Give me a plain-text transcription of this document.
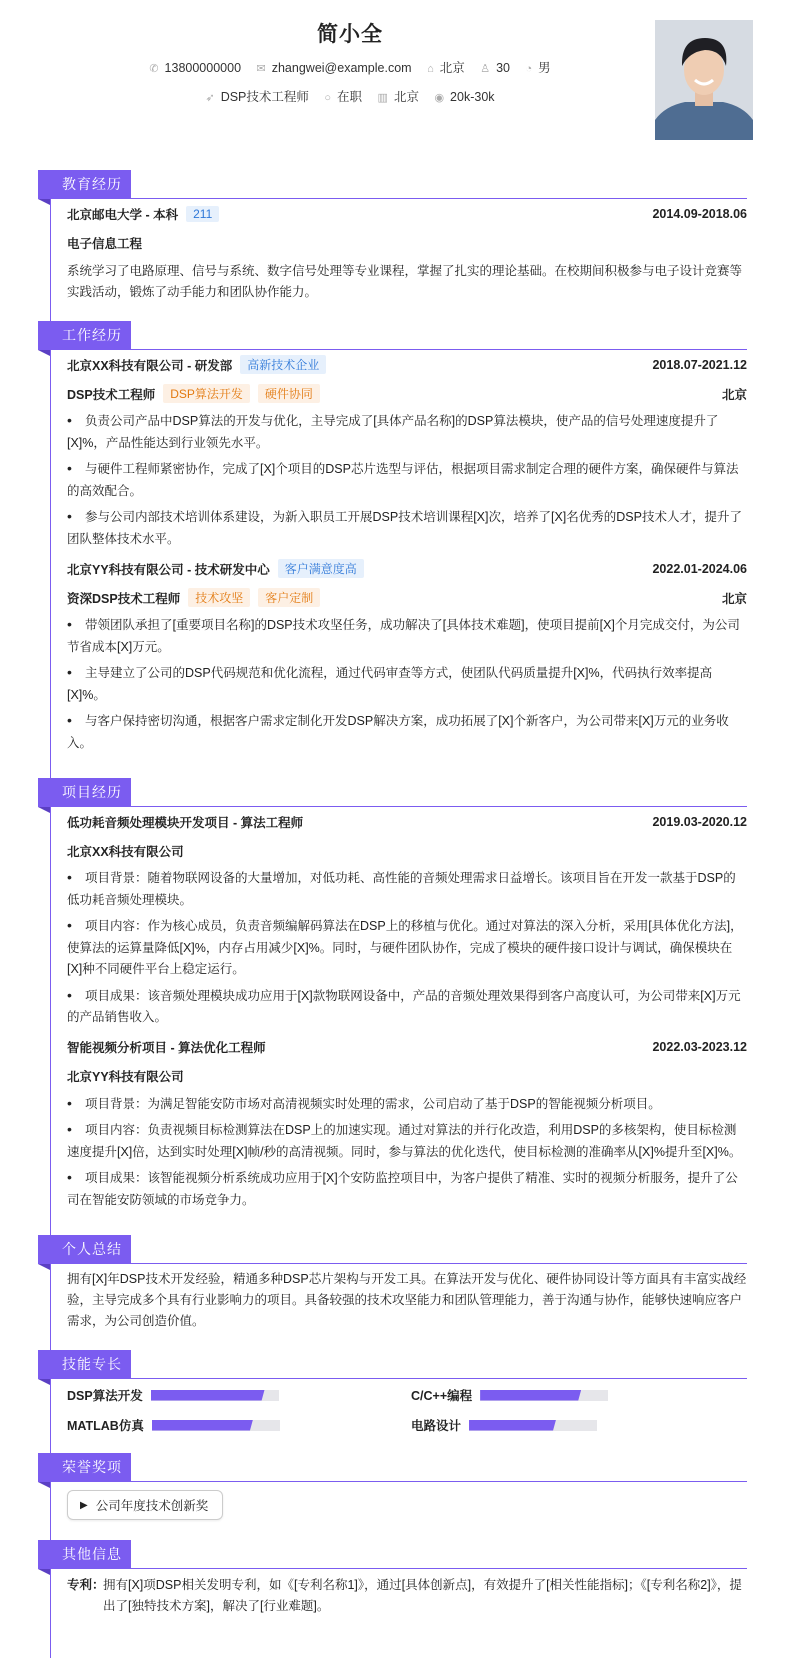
简小全
✆ 13800000000 ✉ zhangwei@example.com ⌂ 北京 ♙ 30 ◔ 男
➶ DSP技术工程师 ○ 在职 ▥ 北京 ◉ 20k-30k
教育经历
北京邮电大学 - 本科	211	2014.09-2018.06
电子信息工程
系统学习了电路原理、信号与系统、数字信号处理等专业课程，掌握了扎实的理论基础。在校期间积极参与电子设计竞赛等实践活动，锻炼了动手能力和团队协作能力。
工作经历
北京XX科技有限公司 - 研发部	高新技术企业	2018.07-2021.12
DSP技术工程师	DSP算法开发	硬件协同	北京
• 负责公司产品中DSP算法的开发与优化，主导完成了[具体产品名称]的DSP算法模块，使产品的信号处理速度提升了[X]%，产品性能达到行业领先水平。
• 与硬件工程师紧密协作，完成了[X]个项目的DSP芯片选型与评估，根据项目需求制定合理的硬件方案，确保硬件与算法的高效配合。
• 参与公司内部技术培训体系建设，为新入职员工开展DSP技术培训课程[X]次，培养了[X]名优秀的DSP技术人才，提升了团队整体技术水平。
北京YY科技有限公司 - 技术研发中心	客户满意度高	2022.01-2024.06
资深DSP技术工程师	技术攻坚	客户定制	北京
• 带领团队承担了[重要项目名称]的DSP技术攻坚任务，成功解决了[具体技术难题]，使项目提前[X]个月完成交付，为公司节省成本[X]万元。
• 主导建立了公司的DSP代码规范和优化流程，通过代码审查等方式，使团队代码质量提升[X]%，代码执行效率提高[X]%。
• 与客户保持密切沟通，根据客户需求定制化开发DSP解决方案，成功拓展了[X]个新客户，为公司带来[X]万元的业务收入。
项目经历
低功耗音频处理模块开发项目 - 算法工程师	2019.03-2020.12
北京XX科技有限公司
• 项目背景：随着物联网设备的大量增加，对低功耗、高性能的音频处理需求日益增长。该项目旨在开发一款基于DSP的低功耗音频处理模块。
• 项目内容：作为核心成员，负责音频编解码算法在DSP上的移植与优化。通过对算法的深入分析，采用[具体优化方法]，使算法的运算量降低[X]%，内存占用减少[X]%。同时，与硬件团队协作，完成了模块的硬件接口设计与调试，确保模块在[X]种不同硬件平台上稳定运行。
• 项目成果：该音频处理模块成功应用于[X]款物联网设备中，产品的音频处理效果得到客户高度认可，为公司带来[X]万元的产品销售收入。
智能视频分析项目 - 算法优化工程师	2022.03-2023.12
北京YY科技有限公司
• 项目背景：为满足智能安防市场对高清视频实时处理的需求，公司启动了基于DSP的智能视频分析项目。
• 项目内容：负责视频目标检测算法在DSP上的加速实现。通过对算法的并行化改造，利用DSP的多核架构，使目标检测速度提升[X]倍，达到实时处理[X]帧/秒的高清视频。同时，参与算法的优化迭代，使目标检测的准确率从[X]%提升至[X]%。
• 项目成果：该智能视频分析系统成功应用于[X]个安防监控项目中，为客户提供了精准、实时的视频分析服务，提升了公司在智能安防领域的市场竞争力。
个人总结
拥有[X]年DSP技术开发经验，精通多种DSP芯片架构与开发工具。在算法开发与优化、硬件协同设计等方面具有丰富实战经验，主导完成多个具有行业影响力的项目。具备较强的技术攻坚能力和团队管理能力，善于沟通与协作，能够快速响应客户需求，为公司创造价值。
技能专长
DSP算法开发	C/C++编程
MATLAB仿真	电路设计
荣誉奖项
▶ 公司年度技术创新奖
其他信息
专利：
拥有[X]项DSP相关发明专利，如《[专利名称1]》，通过[具体创新点]，有效提升了[相关性能指标]；《[专利名称2]》，提出了[独特技术方案]，解决了[行业难题]。
